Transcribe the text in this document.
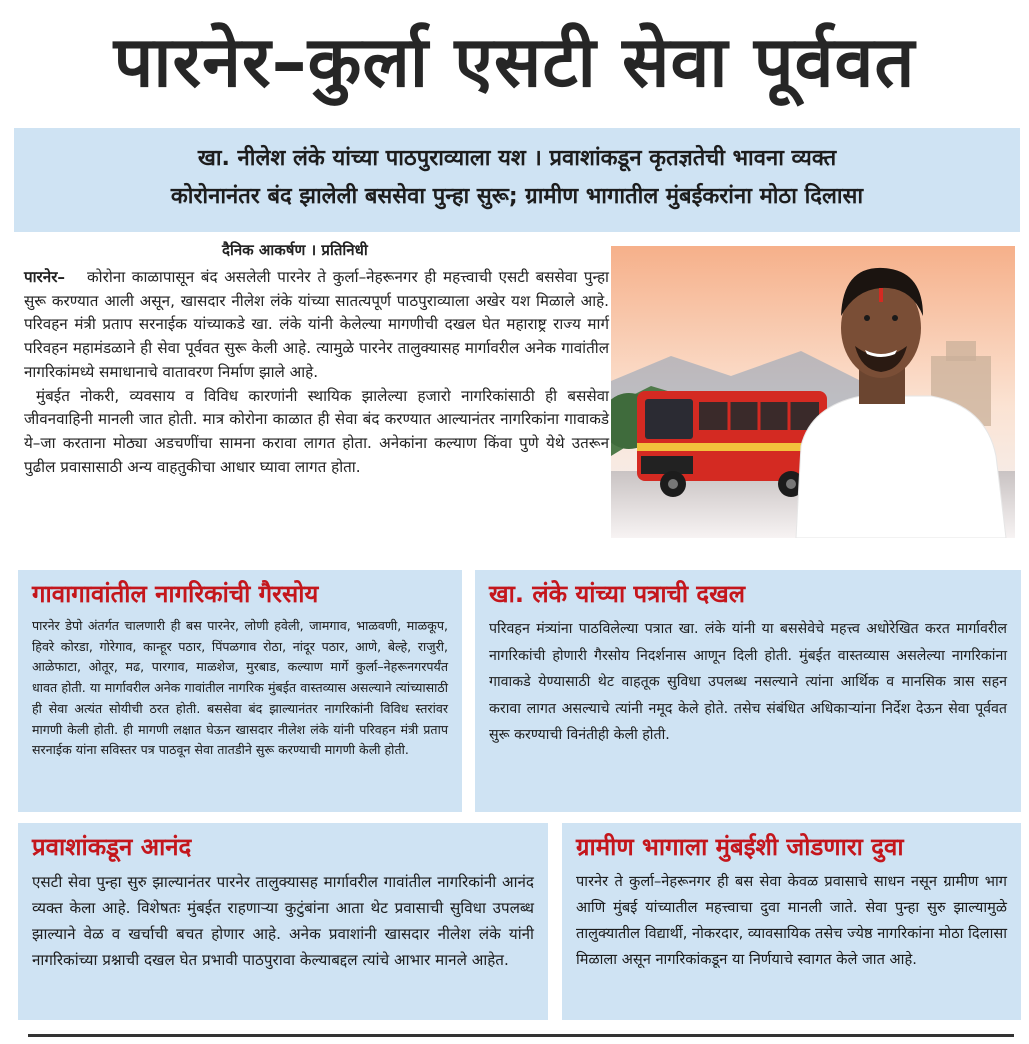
पारनेर–कुर्ला एसटी सेवा पूर्ववत
खा. नीलेश लंके यांच्या पाठपुराव्याला यश । प्रवाशांकडून कृतज्ञतेची भावना व्यक्त
कोरोनानंतर बंद झालेली बससेवा पुन्हा सुरू; ग्रामीण भागातील मुंबईकरांना मोठा दिलासा
दैनिक आकर्षण । प्रतिनिधी

पारनेर– कोरोना काळापासून बंद असलेली पारनेर ते कुर्ला–नेहरूनगर ही महत्त्वाची एसटी बससेवा पुन्हा सुरू करण्यात आली असून, खासदार नीलेश लंके यांच्या सातत्यपूर्ण पाठपुराव्याला अखेर यश मिळाले आहे. परिवहन मंत्री प्रताप सरनाईक यांच्याकडे खा. लंके यांनी केलेल्या मागणीची दखल घेत महाराष्ट्र राज्य मार्ग परिवहन महामंडळाने ही सेवा पूर्ववत सुरू केली आहे. त्यामुळे पारनेर तालुक्यासह मार्गावरील अनेक गावांतील नागरिकांमध्ये समाधानाचे वातावरण निर्माण झाले आहे.

मुंबईत नोकरी, व्यवसाय व विविध कारणांनी स्थायिक झालेल्या हजारो नागरिकांसाठी ही बससेवा जीवनवाहिनी मानली जात होती. मात्र कोरोना काळात ही सेवा बंद करण्यात आल्यानंतर नागरिकांना गावाकडे ये–जा करताना मोठ्या अडचणींचा सामना करावा लागत होता. अनेकांना कल्याण किंवा पुणे येथे उतरून पुढील प्रवासासाठी अन्य वाहतुकीचा आधार घ्यावा लागत होता.

गावागावांतील नागरिकांची गैरसोय

पारनेर डेपो अंतर्गत चालणारी ही बस पारनेर, लोणी हवेली, जामगाव, भाळवणी, माळकूप, हिवरे कोरडा, गोरेगाव, कान्हूर पठार, पिंपळगाव रोठा, नांदूर पठार, आणे, बेल्हे, राजुरी, आळेफाटा, ओतूर, मढ, पारगाव, माळशेज, मुरबाड, कल्याण मार्गे कुर्ला–नेहरूनगरपर्यंत धावत होती. या मार्गावरील अनेक गावांतील नागरिक मुंबईत वास्तव्यास असल्याने त्यांच्यासाठी ही सेवा अत्यंत सोयीची ठरत होती. बससेवा बंद झाल्यानंतर नागरिकांनी विविध स्तरांवर मागणी केली होती. ही मागणी लक्षात घेऊन खासदार नीलेश लंके यांनी परिवहन मंत्री प्रताप सरनाईक यांना सविस्तर पत्र पाठवून सेवा तातडीने सुरू करण्याची मागणी केली होती.

खा. लंके यांच्या पत्राची दखल

परिवहन मंत्र्यांना पाठविलेल्या पत्रात खा. लंके यांनी या बससेवेचे महत्त्व अधोरेखित करत मार्गावरील नागरिकांची होणारी गैरसोय निदर्शनास आणून दिली होती. मुंबईत वास्तव्यास असलेल्या नागरिकांना गावाकडे येण्यासाठी थेट वाहतूक सुविधा उपलब्ध नसल्याने त्यांना आर्थिक व मानसिक त्रास सहन करावा लागत असल्याचे त्यांनी नमूद केले होते. तसेच संबंधित अधिकाऱ्यांना निर्देश देऊन सेवा पूर्ववत सुरू करण्याची विनंतीही केली होती.

प्रवाशांकडून आनंद

एसटी सेवा पुन्हा सुरु झाल्यानंतर पारनेर तालुक्यासह मार्गावरील गावांतील नागरिकांनी आनंद व्यक्त केला आहे. विशेषतः मुंबईत राहणाऱ्या कुटुंबांना आता थेट प्रवासाची सुविधा उपलब्ध झाल्याने वेळ व खर्चाची बचत होणार आहे. अनेक प्रवाशांनी खासदार नीलेश लंके यांनी नागरिकांच्या प्रश्नाची दखल घेत प्रभावी पाठपुरावा केल्याबद्दल त्यांचे आभार मानले आहेत.

ग्रामीण भागाला मुंबईशी जोडणारा दुवा

पारनेर ते कुर्ला–नेहरूनगर ही बस सेवा केवळ प्रवासाचे साधन नसून ग्रामीण भाग आणि मुंबई यांच्यातील महत्त्वाचा दुवा मानली जाते. सेवा पुन्हा सुरु झाल्यामुळे तालुक्यातील विद्यार्थी, नोकरदार, व्यावसायिक तसेच ज्येष्ठ नागरिकांना मोठा दिलासा मिळाला असून नागरिकांकडून या निर्णयाचे स्वागत केले जात आहे.
